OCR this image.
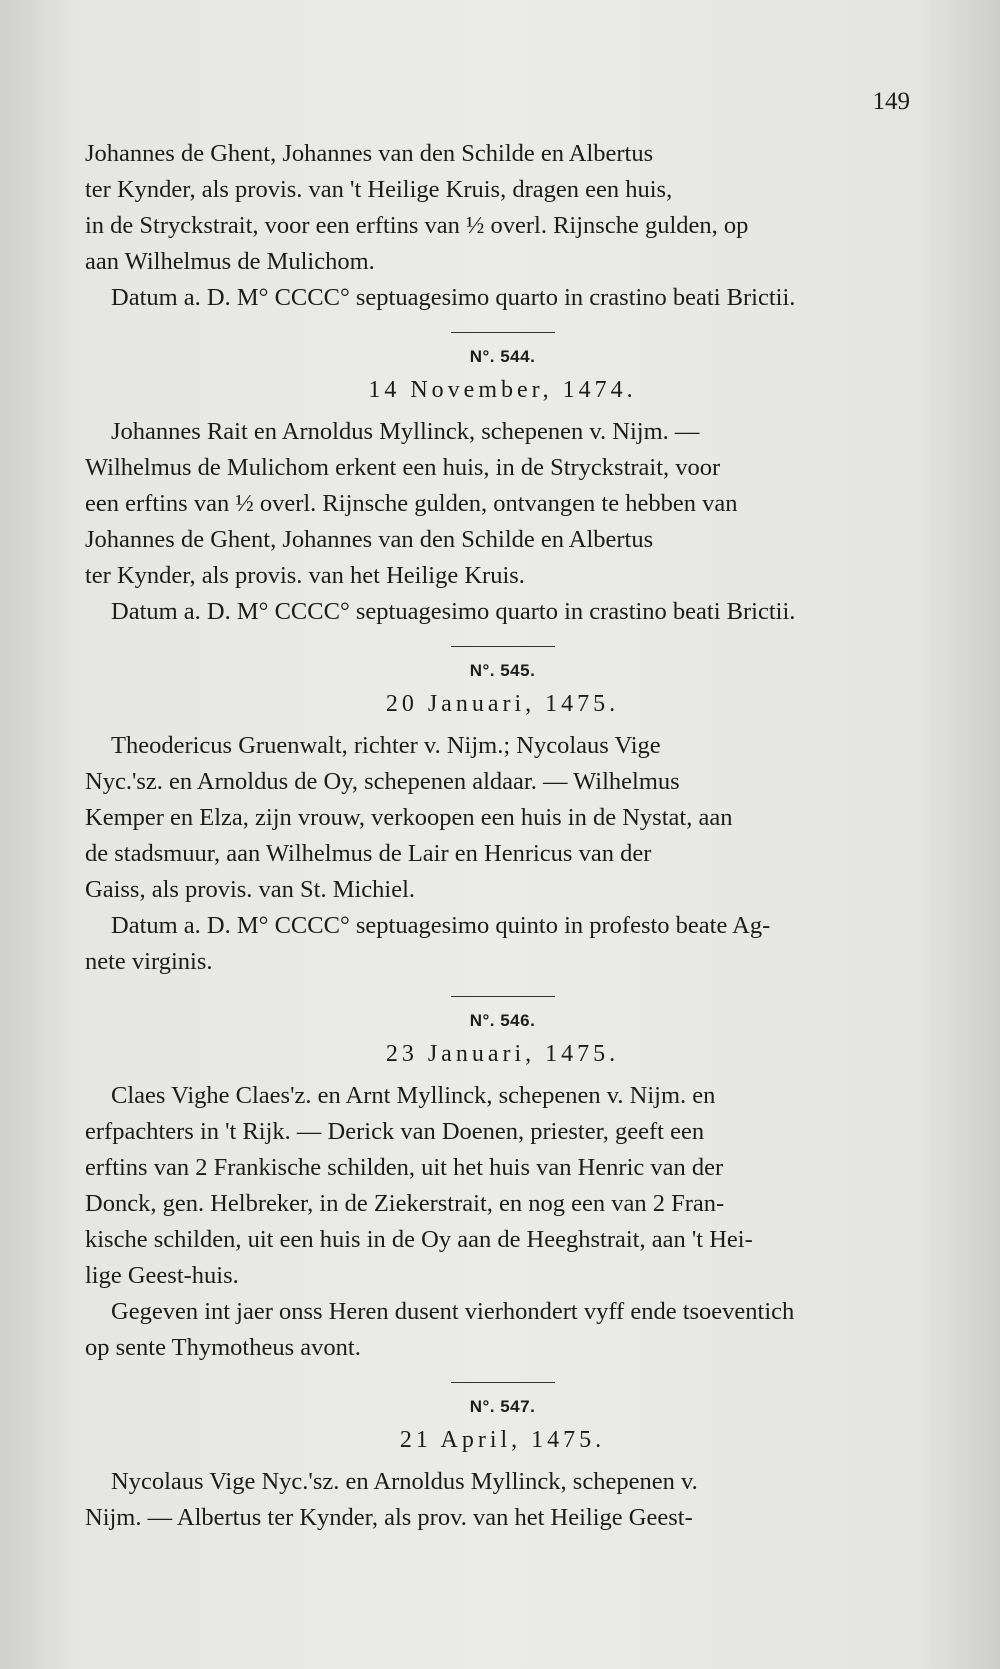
149
Johannes de Ghent, Johannes van den Schilde en Albertus
ter Kynder, als provis. van 't Heilige Kruis, dragen een huis,
in de Stryckstrait, voor een erftins van ½ overl. Rijnsche gulden, op
aan Wilhelmus de Mulichom.
Datum a. D. M° CCCC° septuagesimo quarto in crastino beati Brictii.
N°. 544.
14 November, 1474.
Johannes Rait en Arnoldus Myllinck, schepenen v. Nijm. —
Wilhelmus de Mulichom erkent een huis, in de Stryckstrait, voor
een erftins van ½ overl. Rijnsche gulden, ontvangen te hebben van
Johannes de Ghent, Johannes van den Schilde en Albertus
ter Kynder, als provis. van het Heilige Kruis.
Datum a. D. M° CCCC° septuagesimo quarto in crastino beati Brictii.
N°. 545.
20 Januari, 1475.
Theodericus Gruenwalt, richter v. Nijm.; Nycolaus Vige
Nyc.'sz. en Arnoldus de Oy, schepenen aldaar. — Wilhelmus
Kemper en Elza, zijn vrouw, verkoopen een huis in de Nystat, aan
de stadsmuur, aan Wilhelmus de Lair en Henricus van der
Gaiss, als provis. van St. Michiel.
Datum a. D. M° CCCC° septuagesimo quinto in profesto beate Ag-
nete virginis.
N°. 546.
23 Januari, 1475.
Claes Vighe Claes'z. en Arnt Myllinck, schepenen v. Nijm. en
erfpachters in 't Rijk. — Derick van Doenen, priester, geeft een
erftins van 2 Frankische schilden, uit het huis van Henric van der
Donck, gen. Helbreker, in de Ziekerstrait, en nog een van 2 Fran-
kische schilden, uit een huis in de Oy aan de Heeghstrait, aan 't Hei-
lige Geest-huis.
Gegeven int jaer onss Heren dusent vierhondert vyff ende tsoeventich
op sente Thymotheus avont.
N°. 547.
21 April, 1475.
Nycolaus Vige Nyc.'sz. en Arnoldus Myllinck, schepenen v.
Nijm. — Albertus ter Kynder, als prov. van het Heilige Geest-
